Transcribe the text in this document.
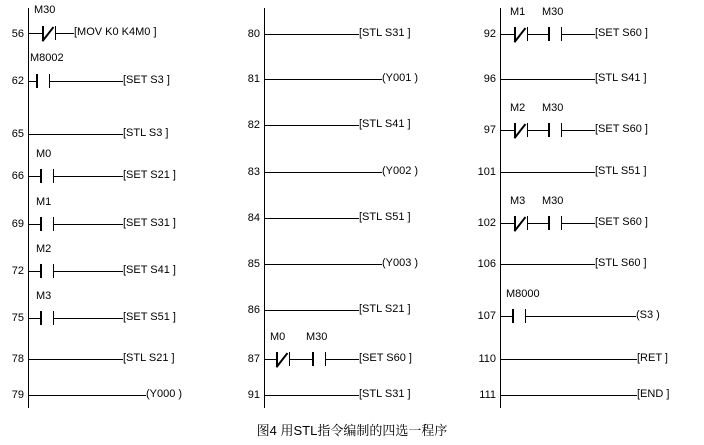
56
M30
[MOV K0 K4M0 ]
62
M8002
[SET S3 ]
65	[STL S3 ]
66
M0
[SET S21 ]
69
M1
[SET S31 ]
72
M2
[SET S41 ]
75
M3
[SET S51 ]
78	[STL S21 ]
79	(Y000 )
80	[STL S31 ]
81	(Y001 )
82	[STL S41 ]
83	(Y002 )
84	[STL S51 ]
85	(Y003 )
86	[STL S21 ]
87
M0 M30
[SET S60 ]
91	[STL S31 ]
92
M1 M30
[SET S60 ]
96	[STL S41 ]
97
M2 M30
[SET S60 ]
101	[STL S51 ]
102
M3 M30
[SET S60 ]
106	[STL S60 ]
107
M8000
(S3 )
110	[RET ]
111	[END ]
图4 用STL指令编制的四选一程序
